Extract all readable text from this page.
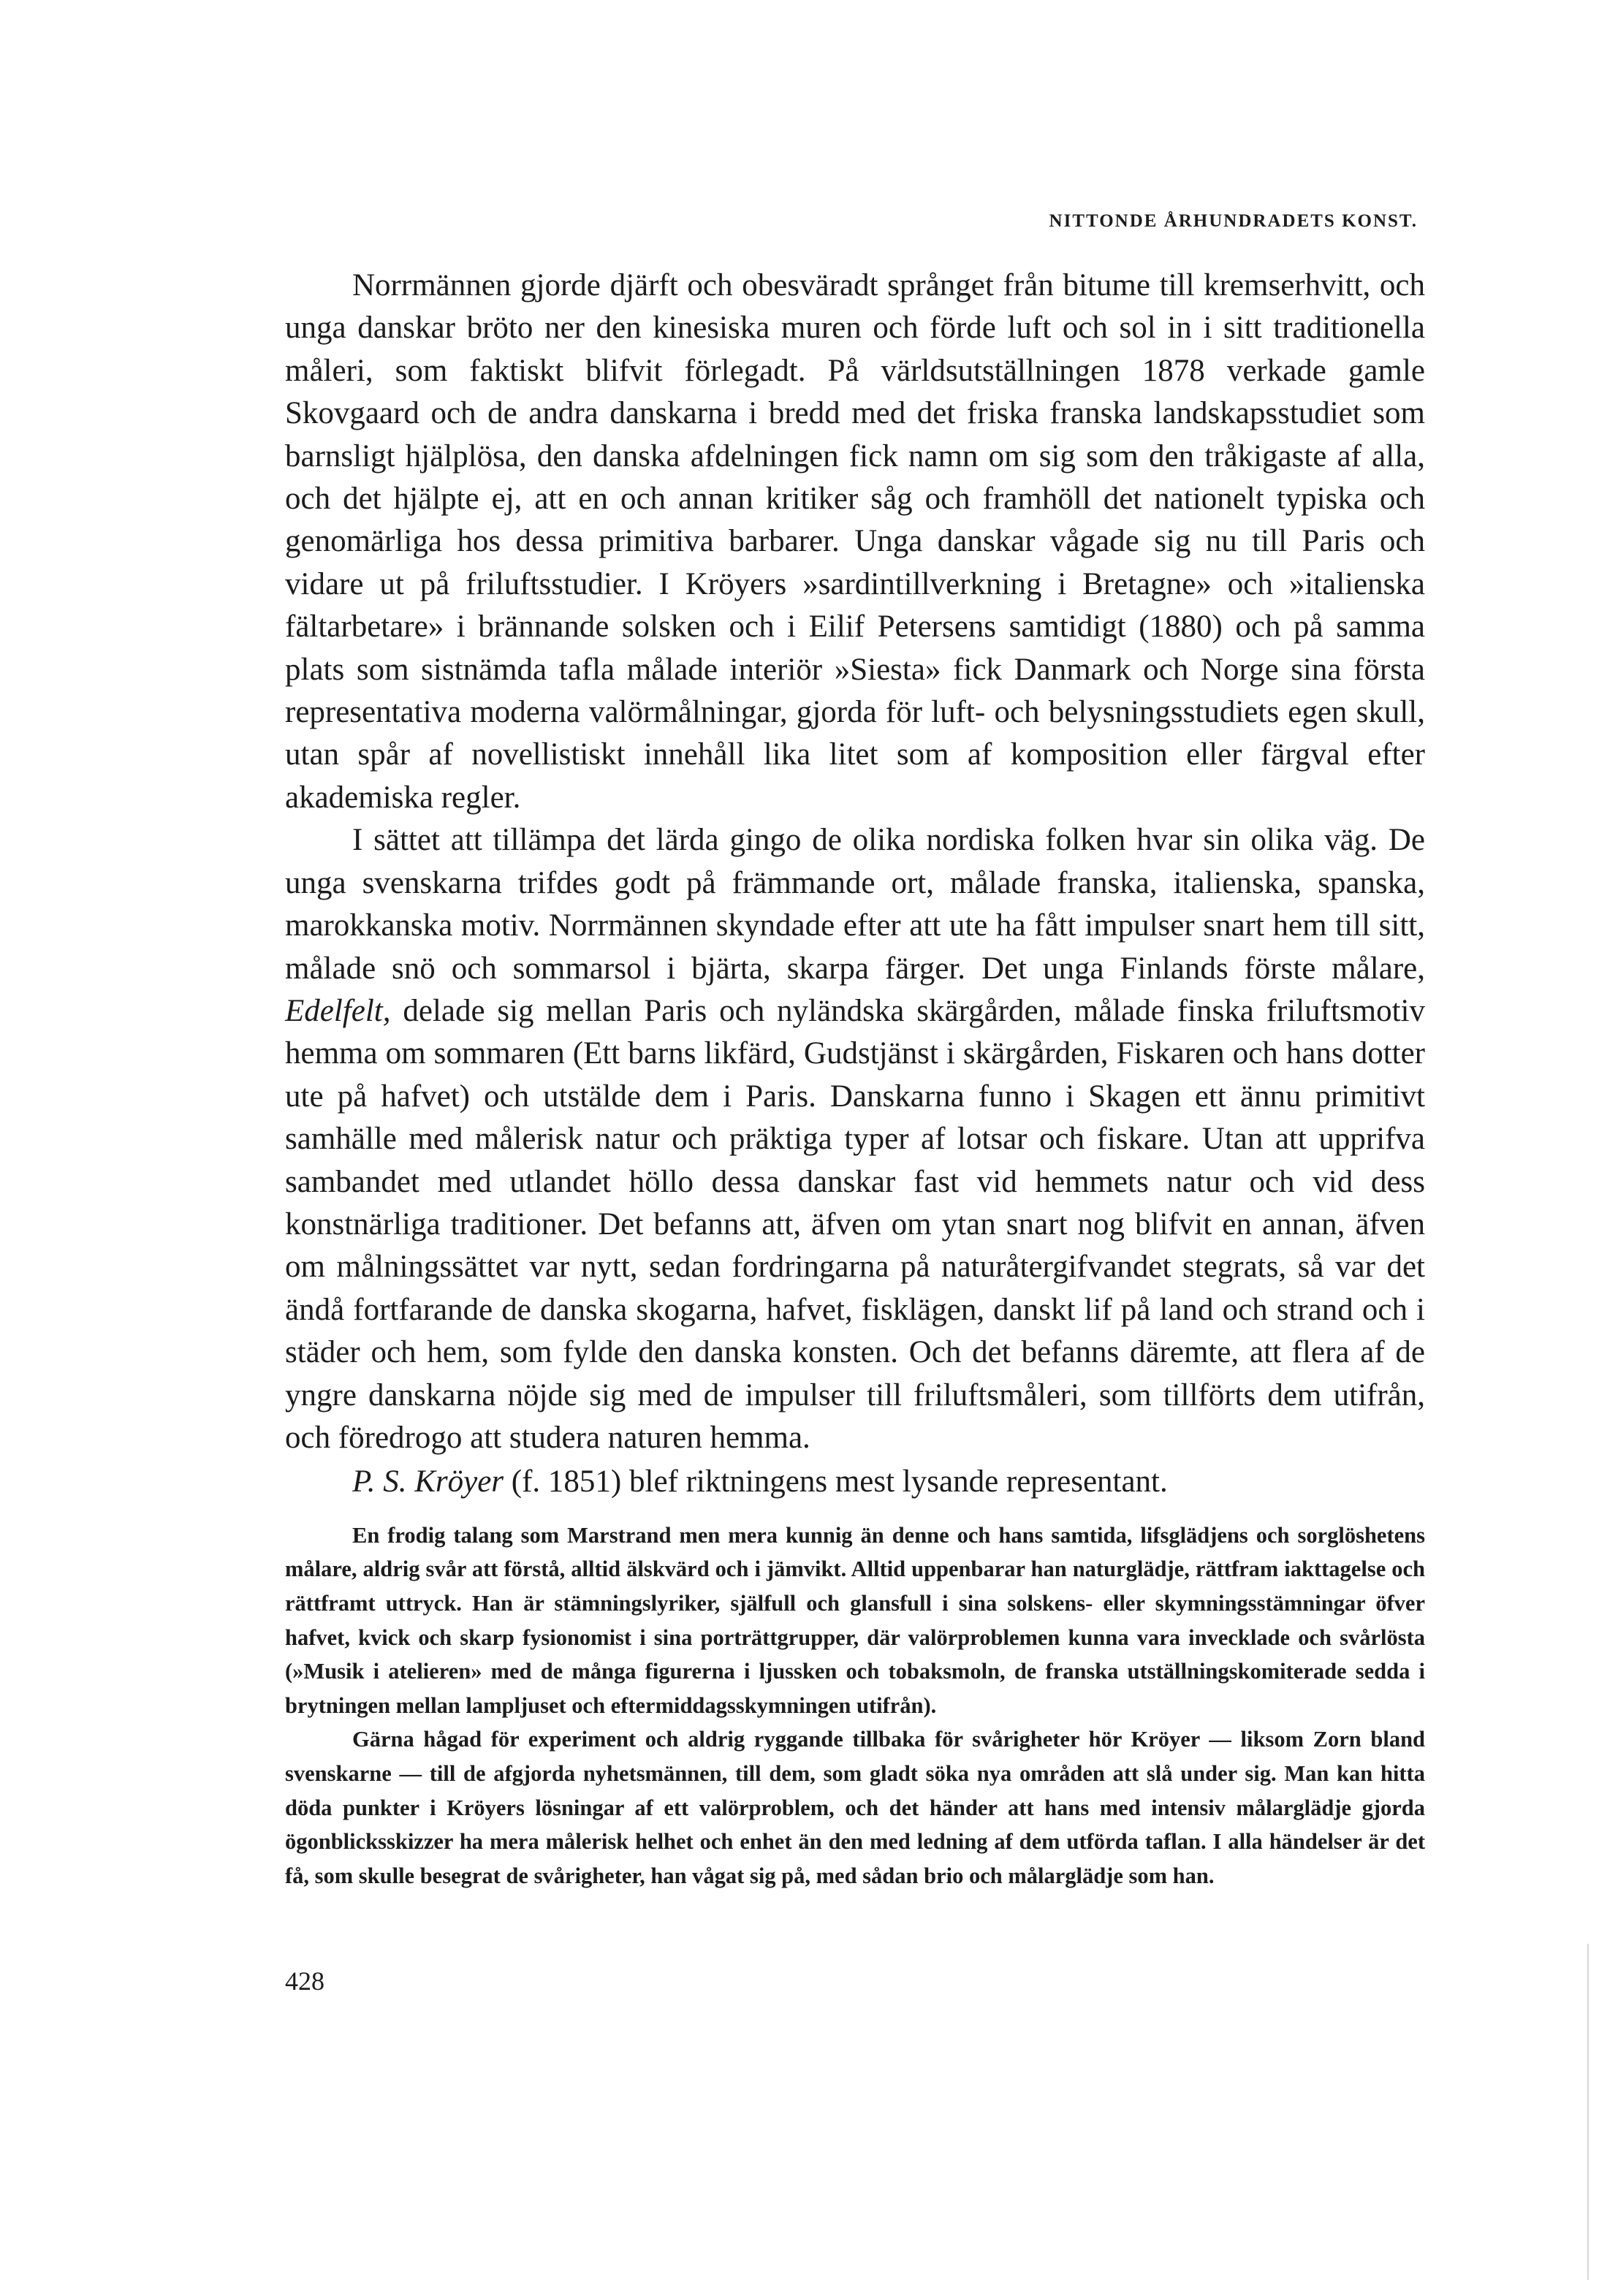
NITTONDE ÅRHUNDRADETS KONST.

Norrmännen gjorde djärft och obesväradt språnget från bitume till kremserhvitt, och unga danskar bröto ner den kinesiska muren och förde luft och sol in i sitt traditionella måleri, som faktiskt blifvit förlegadt. På världsutställningen 1878 verkade gamle Skovgaard och de andra danskarna i bredd med det friska franska landskapsstudiet som barnsligt hjälplösa, den danska afdelningen fick namn om sig som den tråkigaste af alla, och det hjälpte ej, att en och annan kritiker såg och framhöll det nationelt typiska och genomärliga hos dessa primitiva barbarer. Unga danskar vågade sig nu till Paris och vidare ut på friluftsstudier. I Kröyers »sardintillverkning i Bretagne» och »italienska fältarbetare» i brännande solsken och i Eilif Petersens samtidigt (1880) och på samma plats som sistnämda tafla målade interiör »Siesta» fick Danmark och Norge sina första representativa moderna valörmålningar, gjorda för luft- och belysningsstudiets egen skull, utan spår af novellistiskt innehåll lika litet som af komposition eller färgval efter akademiska regler.

I sättet att tillämpa det lärda gingo de olika nordiska folken hvar sin olika väg. De unga svenskarna trifdes godt på främmande ort, målade franska, italienska, spanska, marokkanska motiv. Norrmännen skyndade efter att ute ha fått impulser snart hem till sitt, målade snö och sommarsol i bjärta, skarpa färger. Det unga Finlands förste målare, Edelfelt, delade sig mellan Paris och nyländska skärgården, målade finska friluftsmotiv hemma om sommaren (Ett barns likfärd, Gudstjänst i skärgården, Fiskaren och hans dotter ute på hafvet) och utstälde dem i Paris. Danskarna funno i Skagen ett ännu primitivt samhälle med målerisk natur och präktiga typer af lotsar och fiskare. Utan att upprifva sambandet med utlandet höllo dessa danskar fast vid hemmets natur och vid dess konstnärliga traditioner. Det befanns att, äfven om ytan snart nog blifvit en annan, äfven om målningssättet var nytt, sedan fordringarna på naturåtergifvandet stegrats, så var det ändå fortfarande de danska skogarna, hafvet, fisklägen, danskt lif på land och strand och i städer och hem, som fylde den danska konsten. Och det befanns däremte, att flera af de yngre danskarna nöjde sig med de impulser till friluftsmåleri, som tillförts dem utifrån, och föredrogo att studera naturen hemma.

P. S. Kröyer (f. 1851) blef riktningens mest lysande representant.

En frodig talang som Marstrand men mera kunnig än denne och hans samtida, lifsglädjens och sorglöshetens målare, aldrig svår att förstå, alltid älskvärd och i jämvikt. Alltid uppenbarar han naturglädje, rättfram iakttagelse och rättframt uttryck. Han är stämningslyriker, själfull och glansfull i sina solskens- eller skymningsstämningar öfver hafvet, kvick och skarp fysionomist i sina porträttgrupper, där valörproblemen kunna vara invecklade och svårlösta (»Musik i atelieren» med de många figurerna i ljussken och tobaksmoln, de franska utställningskomiterade sedda i brytningen mellan lampljuset och eftermiddagsskymningen utifrån).

Gärna hågad för experiment och aldrig ryggande tillbaka för svårigheter hör Kröyer — liksom Zorn bland svenskarne — till de afgjorda nyhetsmännen, till dem, som gladt söka nya områden att slå under sig. Man kan hitta döda punkter i Kröyers lösningar af ett valörproblem, och det händer att hans med intensiv målarglädje gjorda ögonblicksskizzer ha mera målerisk helhet och enhet än den med ledning af dem utförda taflan. I alla händelser är det få, som skulle besegrat de svårigheter, han vågat sig på, med sådan brio och målarglädje som han.

428
